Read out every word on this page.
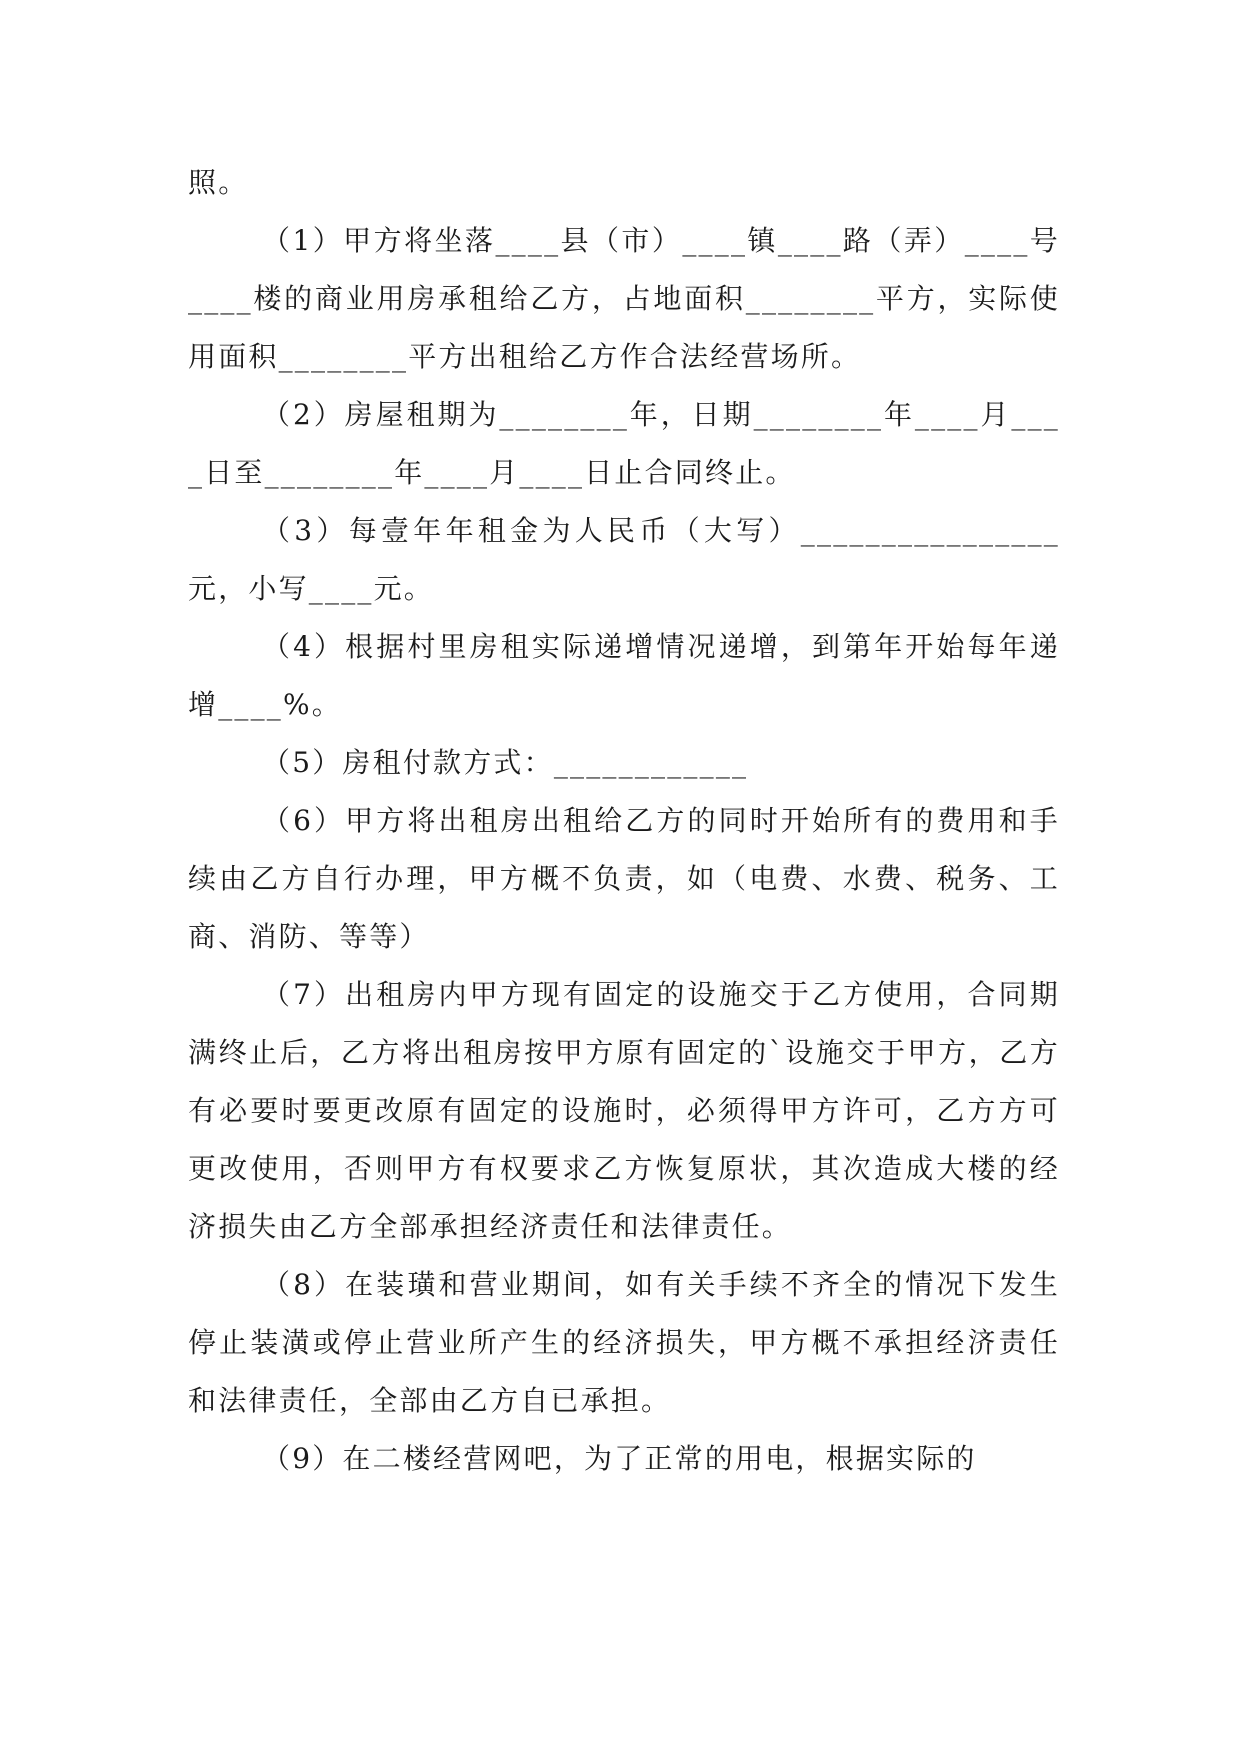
照。

（1）甲方将坐落____县（市）____镇____路（弄）____号____楼的商业用房承租给乙方，占地面积________平方，实际使用面积________平方出租给乙方作合法经营场所。

（2）房屋租期为________年，日期________年____月____日至________年____月____日止合同终止。

（3）每壹年年租金为人民币（大写）________________元，小写____元。

（4）根据村里房租实际递增情况递增，到第年开始每年递增____%。

（5）房租付款方式：____________

（6）甲方将出租房出租给乙方的同时开始所有的费用和手续由乙方自行办理，甲方概不负责，如（电费、水费、税务、工商、消防、等等）

（7）出租房内甲方现有固定的设施交于乙方使用，合同期满终止后，乙方将出租房按甲方原有固定的`设施交于甲方，乙方有必要时要更改原有固定的设施时，必须得甲方许可，乙方方可更改使用，否则甲方有权要求乙方恢复原状，其次造成大楼的经济损失由乙方全部承担经济责任和法律责任。

（8）在装璜和营业期间，如有关手续不齐全的情况下发生停止装潢或停止营业所产生的经济损失，甲方概不承担经济责任和法律责任，全部由乙方自已承担。

（9）在二楼经营网吧，为了正常的用电，根据实际的
